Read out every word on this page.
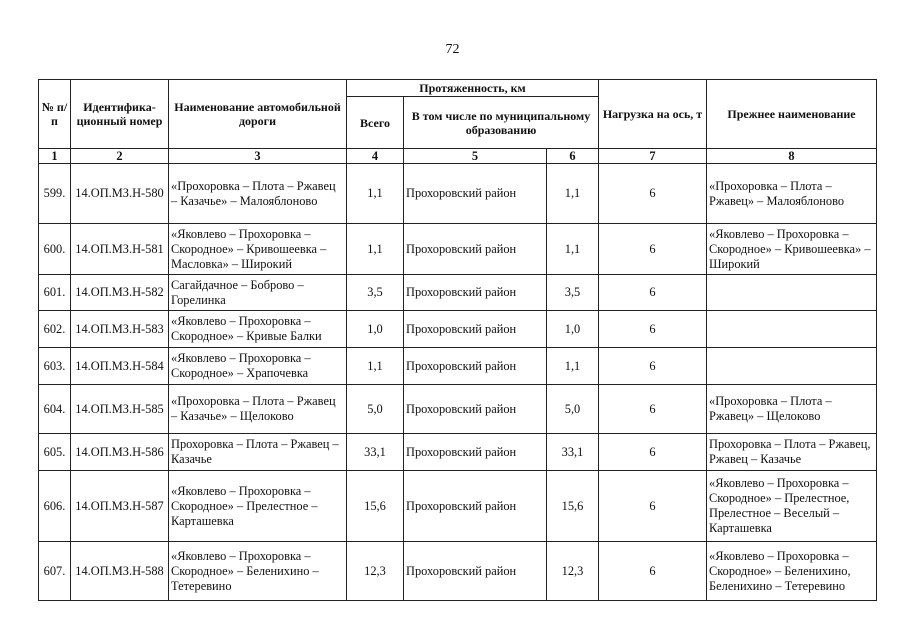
72
№ п/п	Идентифика-ционный номер	Наименование автомобильной дороги	Протяженность, км			Нагрузка на ось, т	Прежнее наименование
			Всего	В том числе по муниципальному образованию			
1	2	3	4	5	6	7	8
599.	14.ОП.МЗ.Н-580	«Прохоровка – Плота – Ржавец – Казачье» – Малояблоново	1,1	Прохоровский район	1,1	6	«Прохоровка – Плота – Ржавец» – Малояблоново
600.	14.ОП.МЗ.Н-581	«Яковлево – Прохоровка – Скородное» – Кривошеевка – Масловка» – Широкий	1,1	Прохоровский район	1,1	6	«Яковлево – Прохоровка – Скородное» – Кривошеевка» – Широкий
601.	14.ОП.МЗ.Н-582	Сагайдачное – Боброво – Горелинка	3,5	Прохоровский район	3,5	6	
602.	14.ОП.МЗ.Н-583	«Яковлево – Прохоровка – Скородное» – Кривые Балки	1,0	Прохоровский район	1,0	6	
603.	14.ОП.МЗ.Н-584	«Яковлево – Прохоровка – Скородное» – Храпочевка	1,1	Прохоровский район	1,1	6	
604.	14.ОП.МЗ.Н-585	«Прохоровка – Плота – Ржавец – Казачье» – Щелоково	5,0	Прохоровский район	5,0	6	«Прохоровка – Плота – Ржавец» – Щелоково
605.	14.ОП.МЗ.Н-586	Прохоровка – Плота – Ржавец – Казачье	33,1	Прохоровский район	33,1	6	Прохоровка – Плота – Ржавец, Ржавец – Казачье
606.	14.ОП.МЗ.Н-587	«Яковлево – Прохоровка – Скородное» – Прелестное – Карташевка	15,6	Прохоровский район	15,6	6	«Яковлево – Прохоровка – Скородное» – Прелестное, Прелестное – Веселый – Карташевка
607.	14.ОП.МЗ.Н-588	«Яковлево – Прохоровка – Скородное» – Беленихино – Тетеревино	12,3	Прохоровский район	12,3	6	«Яковлево – Прохоровка – Скородное» – Беленихино, Беленихино – Тетеревино
